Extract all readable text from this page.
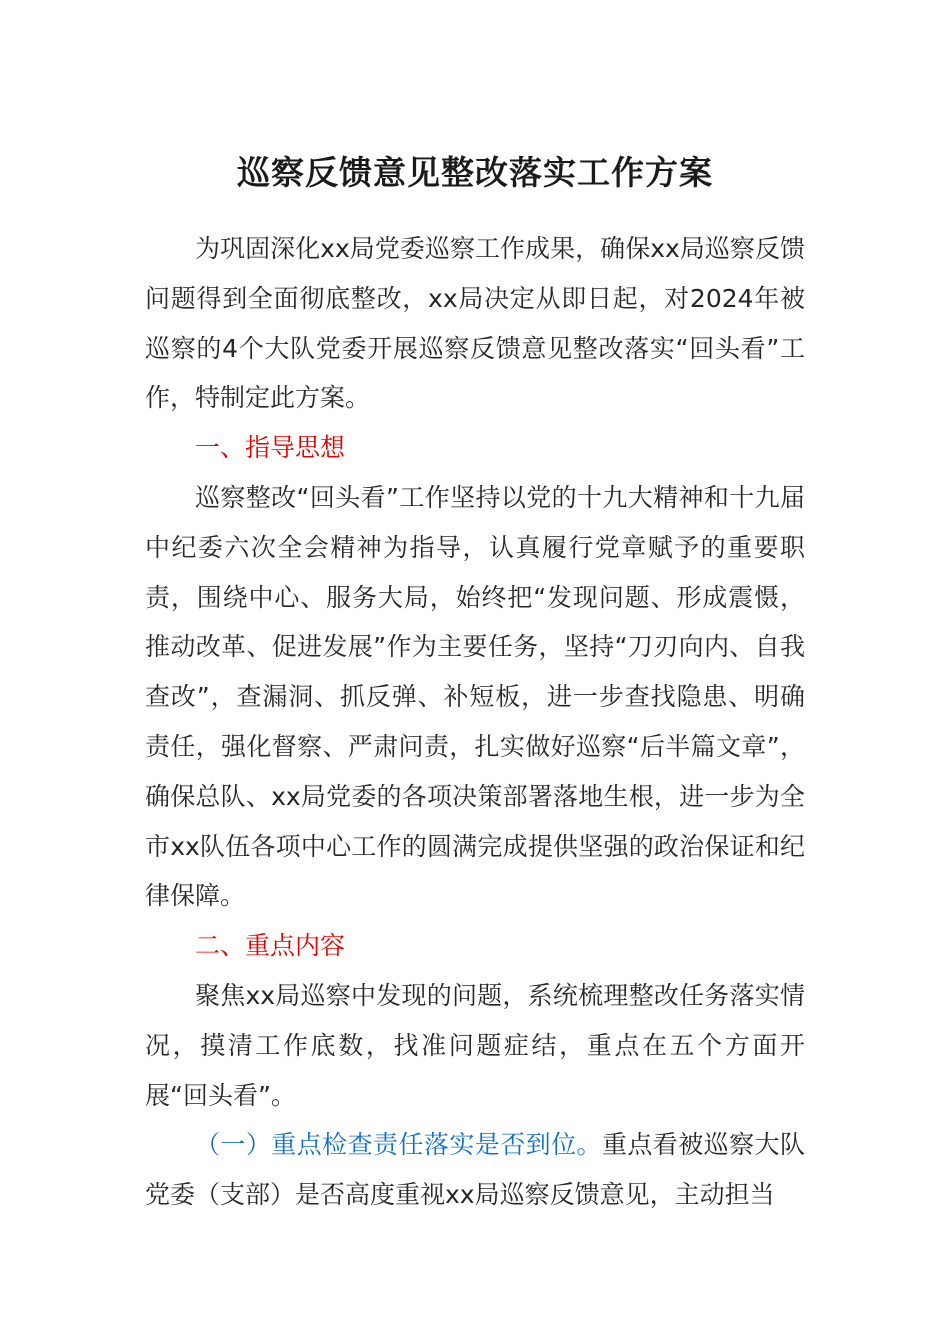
巡察反馈意见整改落实工作方案

为巩固深化xx局党委巡察工作成果，确保xx局巡察反馈问题得到全面彻底整改，xx局决定从即日起，对2024年被巡察的4个大队党委开展巡察反馈意见整改落实“回头看”工作，特制定此方案。

一、指导思想

巡察整改“回头看”工作坚持以党的十九大精神和十九届中纪委六次全会精神为指导，认真履行党章赋予的重要职责，围绕中心、服务大局，始终把“发现问题、形成震慑，推动改革、促进发展”作为主要任务，坚持“刀刃向内、自我查改”，查漏洞、抓反弹、补短板，进一步查找隐患、明确责任，强化督察、严肃问责，扎实做好巡察“后半篇文章”，确保总队、xx局党委的各项决策部署落地生根，进一步为全市xx队伍各项中心工作的圆满完成提供坚强的政治保证和纪律保障。

二、重点内容

聚焦xx局巡察中发现的问题，系统梳理整改任务落实情况，摸清工作底数，找准问题症结，重点在五个方面开展“回头看”。

（一）重点检查责任落实是否到位。重点看被巡察大队党委（支部）是否高度重视xx局巡察反馈意见，主动担当
